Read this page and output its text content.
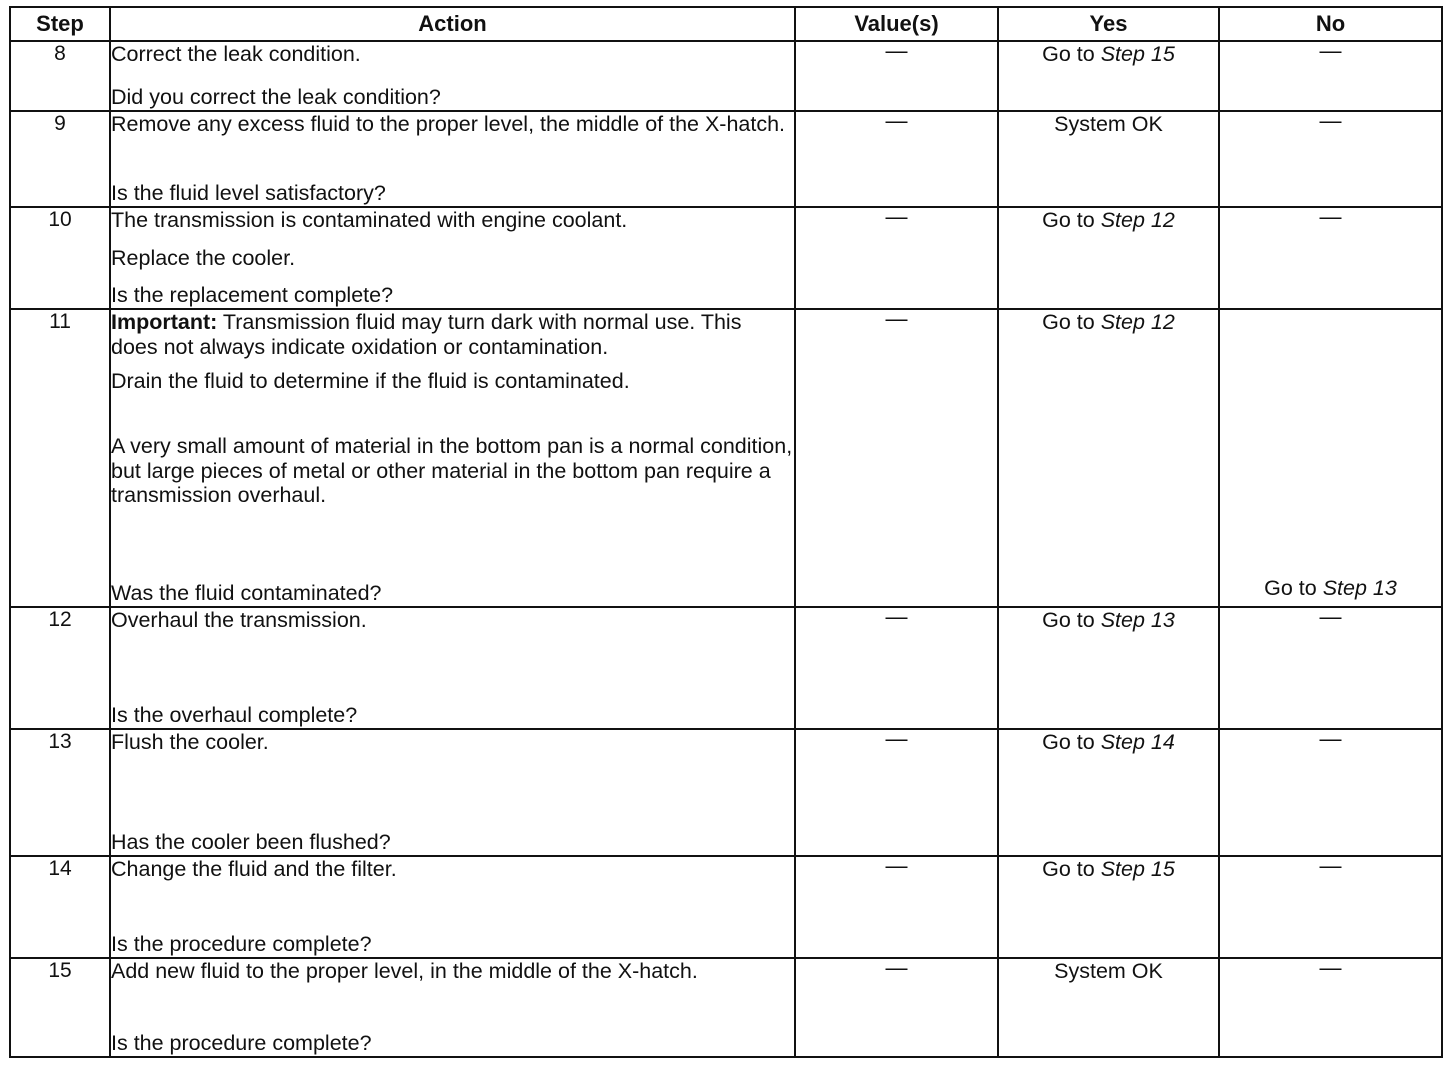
Step	Action	Value(s)	Yes	No
8	Correct the leak condition.
Did you correct the leak condition?	—	Go to Step 15	—
9	Remove any excess fluid to the proper level, the middle of the X-hatch.
Is the fluid level satisfactory?	—	System OK	—
10	The transmission is contaminated with engine coolant.
Replace the cooler.
Is the replacement complete?	—	Go to Step 12	—
11	Important: Transmission fluid may turn dark with normal use. This does not always indicate oxidation or contamination.
Drain the fluid to determine if the fluid is contaminated.
A very small amount of material in the bottom pan is a normal condition, but large pieces of metal or other material in the bottom pan require a transmission overhaul.
Was the fluid contaminated?	—	Go to Step 12	Go to Step 13
12	Overhaul the transmission.
Is the overhaul complete?	—	Go to Step 13	—
13	Flush the cooler.
Has the cooler been flushed?	—	Go to Step 14	—
14	Change the fluid and the filter.
Is the procedure complete?	—	Go to Step 15	—
15	Add new fluid to the proper level, in the middle of the X-hatch.
Is the procedure complete?	—	System OK	—
